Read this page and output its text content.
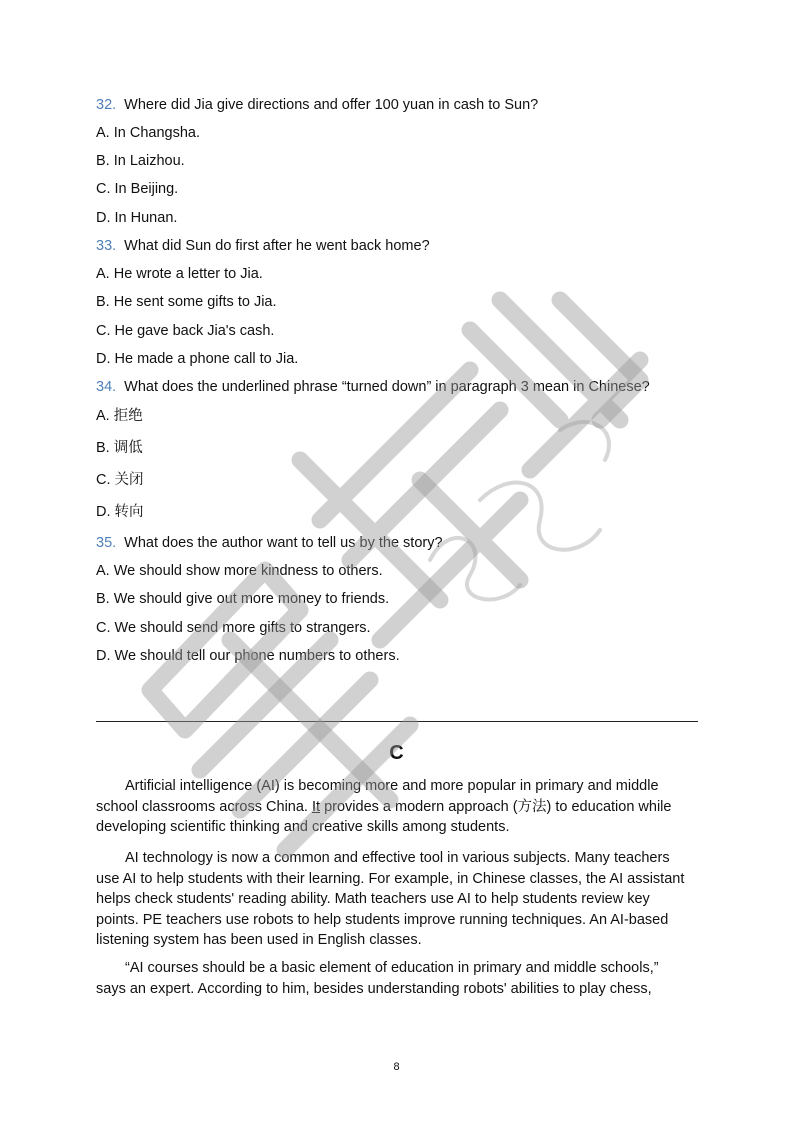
32. Where did Jia give directions and offer 100 yuan in cash to Sun?
A. In Changsha.
B. In Laizhou.
C. In Beijing.
D. In Hunan.
33. What did Sun do first after he went back home?
A. He wrote a letter to Jia.
B. He sent some gifts to Jia.
C. He gave back Jia's cash.
D. He made a phone call to Jia.
34. What does the underlined phrase “turned down” in paragraph 3 mean in Chinese?
A. 拒绝
B. 调低
C. 关闭
D. 转向
35. What does the author want to tell us by the story?
A. We should show more kindness to others.
B. We should give out more money to friends.
C. We should send more gifts to strangers.
D. We should tell our phone numbers to others.
C
Artificial intelligence (AI) is becoming more and more popular in primary and middle
school classrooms across China. It provides a modern approach (方法) to education while
developing scientific thinking and creative skills among students.
AI technology is now a common and effective tool in various subjects. Many teachers
use AI to help students with their learning. For example, in Chinese classes, the AI assistant
helps check students' reading ability. Math teachers use AI to help students review key
points. PE teachers use robots to help students improve running techniques. An AI-based
listening system has been used in English classes.
“AI courses should be a basic element of education in primary and middle schools,”
says an expert. According to him, besides understanding robots' abilities to play chess,
8
